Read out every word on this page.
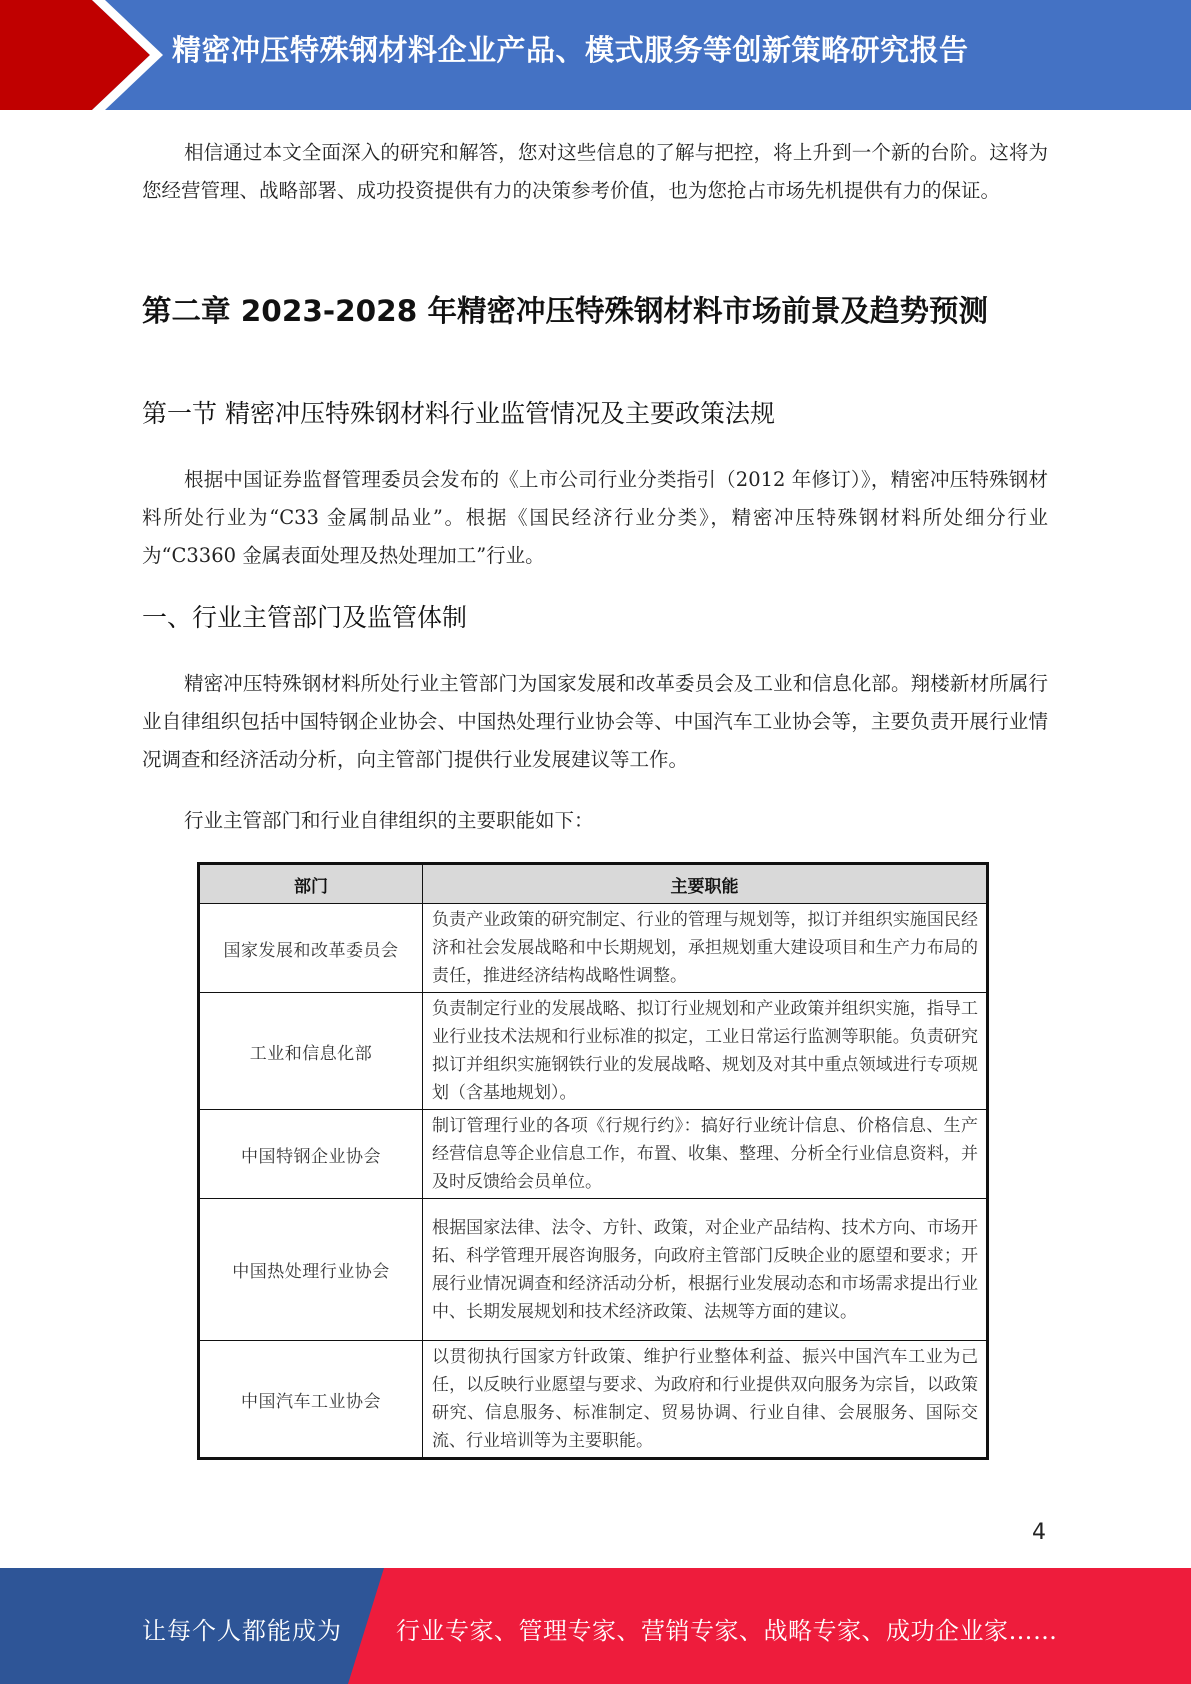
精密冲压特殊钢材料企业产品、模式服务等创新策略研究报告
相信通过本文全面深入的研究和解答，您对这些信息的了解与把控，将上升到一个新的台阶。这将为您经营管理、战略部署、成功投资提供有力的决策参考价值，也为您抢占市场先机提供有力的保证。
第二章 2023-2028 年精密冲压特殊钢材料市场前景及趋势预测
第一节 精密冲压特殊钢材料行业监管情况及主要政策法规
根据中国证券监督管理委员会发布的《上市公司行业分类指引（2012 年修订）》，精密冲压特殊钢材料所处行业为“C33 金属制品业”。根据《国民经济行业分类》，精密冲压特殊钢材料所处细分行业为“C3360 金属表面处理及热处理加工”行业。
一、行业主管部门及监管体制
精密冲压特殊钢材料所处行业主管部门为国家发展和改革委员会及工业和信息化部。翔楼新材所属行业自律组织包括中国特钢企业协会、中国热处理行业协会等、中国汽车工业协会等，主要负责开展行业情况调查和经济活动分析，向主管部门提供行业发展建议等工作。
行业主管部门和行业自律组织的主要职能如下：
部门	主要职能
国家发展和改革委员会	负责产业政策的研究制定、行业的管理与规划等，拟订并组织实施国民经济和社会发展战略和中长期规划，承担规划重大建设项目和生产力布局的责任，推进经济结构战略性调整。
工业和信息化部	负责制定行业的发展战略、拟订行业规划和产业政策并组织实施，指导工业行业技术法规和行业标准的拟定，工业日常运行监测等职能。负责研究拟订并组织实施钢铁行业的发展战略、规划及对其中重点领域进行专项规划（含基地规划）。
中国特钢企业协会	制订管理行业的各项《行规行约》：搞好行业统计信息、价格信息、生产经营信息等企业信息工作，布置、收集、整理、分析全行业信息资料，并及时反馈给会员单位。
中国热处理行业协会	根据国家法律、法令、方针、政策，对企业产品结构、技术方向、市场开拓、科学管理开展咨询服务，向政府主管部门反映企业的愿望和要求；开展行业情况调查和经济活动分析，根据行业发展动态和市场需求提出行业中、长期发展规划和技术经济政策、法规等方面的建议。
中国汽车工业协会	以贯彻执行国家方针政策、维护行业整体利益、振兴中国汽车工业为己任，以反映行业愿望与要求、为政府和行业提供双向服务为宗旨，以政策研究、信息服务、标准制定、贸易协调、行业自律、会展服务、国际交流、行业培训等为主要职能。
4
让每个人都能成为 行业专家、管理专家、营销专家、战略专家、成功企业家……
